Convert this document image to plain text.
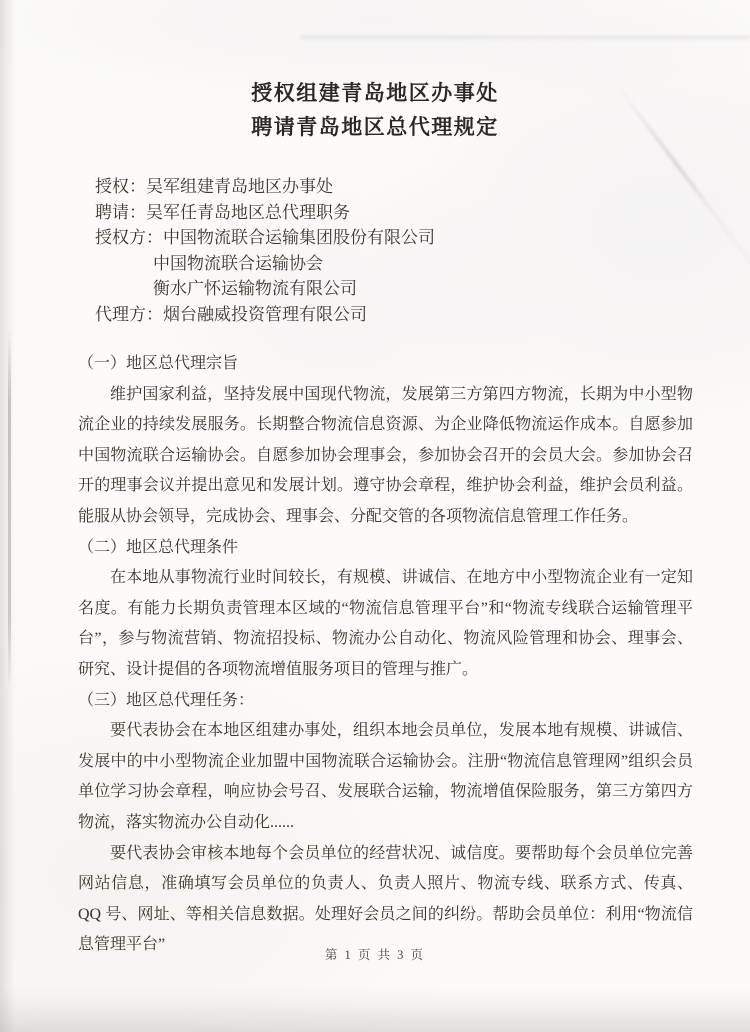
授权组建青岛地区办事处
聘请青岛地区总代理规定
授权：吴军组建青岛地区办事处
聘请：吴军任青岛地区总代理职务
授权方：中国物流联合运输集团股份有限公司
中国物流联合运输协会
衡水广怀运输物流有限公司
代理方：烟台融威投资管理有限公司
（一）地区总代理宗旨

维护国家利益，坚持发展中国现代物流，发展第三方第四方物流，长期为中小型物流企业的持续发展服务。长期整合物流信息资源、为企业降低物流运作成本。自愿参加中国物流联合运输协会。自愿参加协会理事会，参加协会召开的会员大会。参加协会召开的理事会议并提出意见和发展计划。遵守协会章程，维护协会利益，维护会员利益。能服从协会领导，完成协会、理事会、分配交管的各项物流信息管理工作任务。

（二）地区总代理条件

在本地从事物流行业时间较长，有规模、讲诚信、在地方中小型物流企业有一定知名度。有能力长期负责管理本区域的“物流信息管理平台”和“物流专线联合运输管理平台”，参与物流营销、物流招投标、物流办公自动化、物流风险管理和协会、理事会、研究、设计提倡的各项物流增值服务项目的管理与推广。

（三）地区总代理任务：

要代表协会在本地区组建办事处，组织本地会员单位，发展本地有规模、讲诚信、发展中的中小型物流企业加盟中国物流联合运输协会。注册“物流信息管理网”组织会员单位学习协会章程，响应协会号召、发展联合运输，物流增值保险服务，第三方第四方物流，落实物流办公自动化......

要代表协会审核本地每个会员单位的经营状况、诚信度。要帮助每个会员单位完善网站信息，准确填写会员单位的负责人、负责人照片、物流专线、联系方式、传真、QQ 号、网址、等相关信息数据。处理好会员之间的纠纷。帮助会员单位：利用“物流信息管理平台”

第 1 页 共 3 页
